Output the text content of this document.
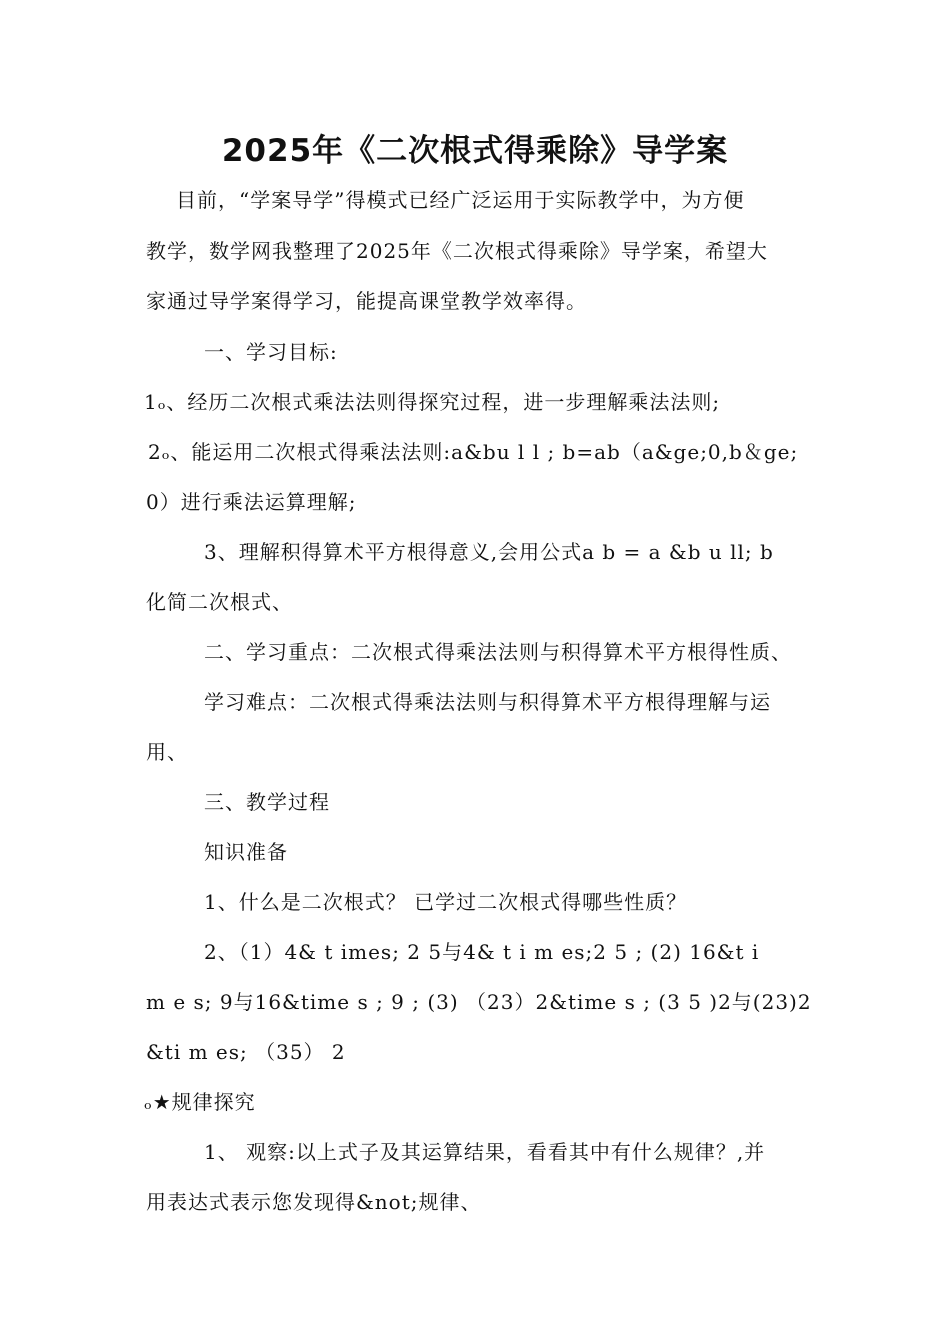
2025年《二次根式得乘除》导学案
目前，“学案导学”得模式已经广泛运用于实际教学中，为方便
教学，数学网我整理了2025年《二次根式得乘除》导学案，希望大
家通过导学案得学习，能提高课堂教学效率得。
一、学习目标:
1ₒ、经历二次根式乘法法则得探究过程，进一步理解乘法法则;
2ₒ、能运用二次根式得乘法法则:a&bu l l ; b=ab（a&ge;0,b＆ge;
0）进行乘法运算理解;
3、理解积得算术平方根得意义,会用公式a b = a &b u ll; b
化简二次根式、
二、学习重点：二次根式得乘法法则与积得算术平方根得性质、
学习难点：二次根式得乘法法则与积得算术平方根得理解与运
用、
三、教学过程
知识准备
1、什么是二次根式？ 已学过二次根式得哪些性质？
2、（1）4& t imes; 2 5与4& t i m es;2 5 ; (2) 16&t i
m e s; 9与16&time s ; 9 ; (3) （23）2&time s ; (3 5 )2与(23)2
&ti m es; （35） 2
ₒ★规律探究
1、 观察:以上式子及其运算结果，看看其中有什么规律？,并
用表达式表示您发现得&not;规律、
